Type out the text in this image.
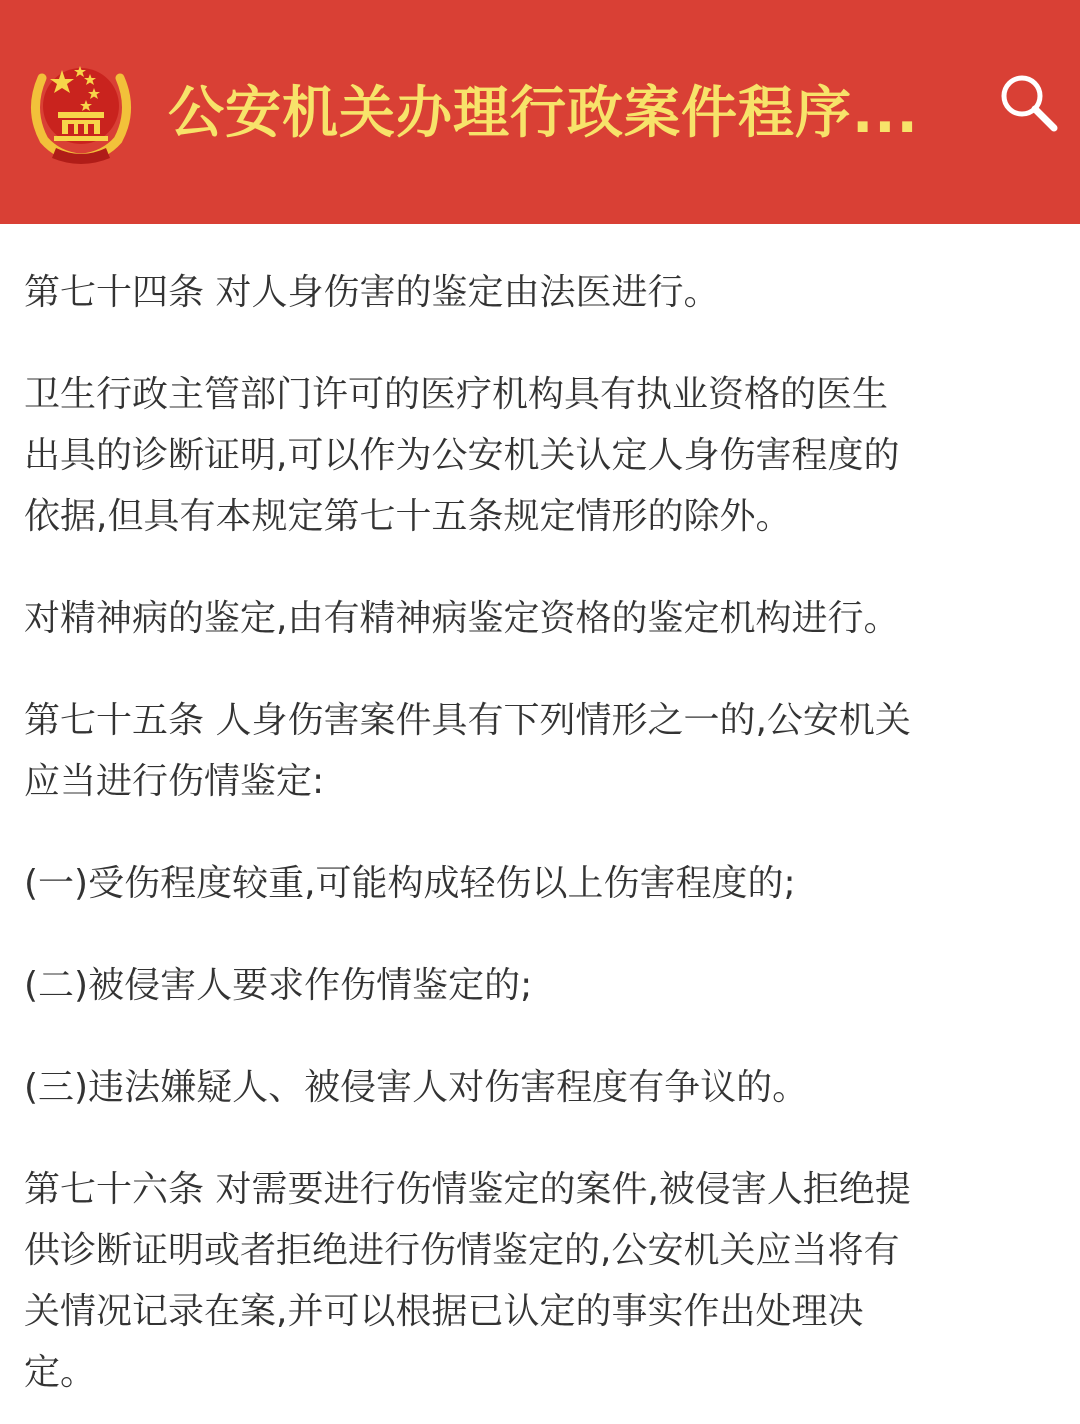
公安机关办理行政案件程序...

第七十四条 对人身伤害的鉴定由法医进行。

卫生行政主管部门许可的医疗机构具有执业资格的医生
出具的诊断证明,可以作为公安机关认定人身伤害程度的
依据,但具有本规定第七十五条规定情形的除外。

对精神病的鉴定,由有精神病鉴定资格的鉴定机构进行。

第七十五条 人身伤害案件具有下列情形之一的,公安机关
应当进行伤情鉴定:

(一)受伤程度较重,可能构成轻伤以上伤害程度的;

(二)被侵害人要求作伤情鉴定的;

(三)违法嫌疑人、被侵害人对伤害程度有争议的。

第七十六条 对需要进行伤情鉴定的案件,被侵害人拒绝提
供诊断证明或者拒绝进行伤情鉴定的,公安机关应当将有
关情况记录在案,并可以根据已认定的事实作出处理决
定。
